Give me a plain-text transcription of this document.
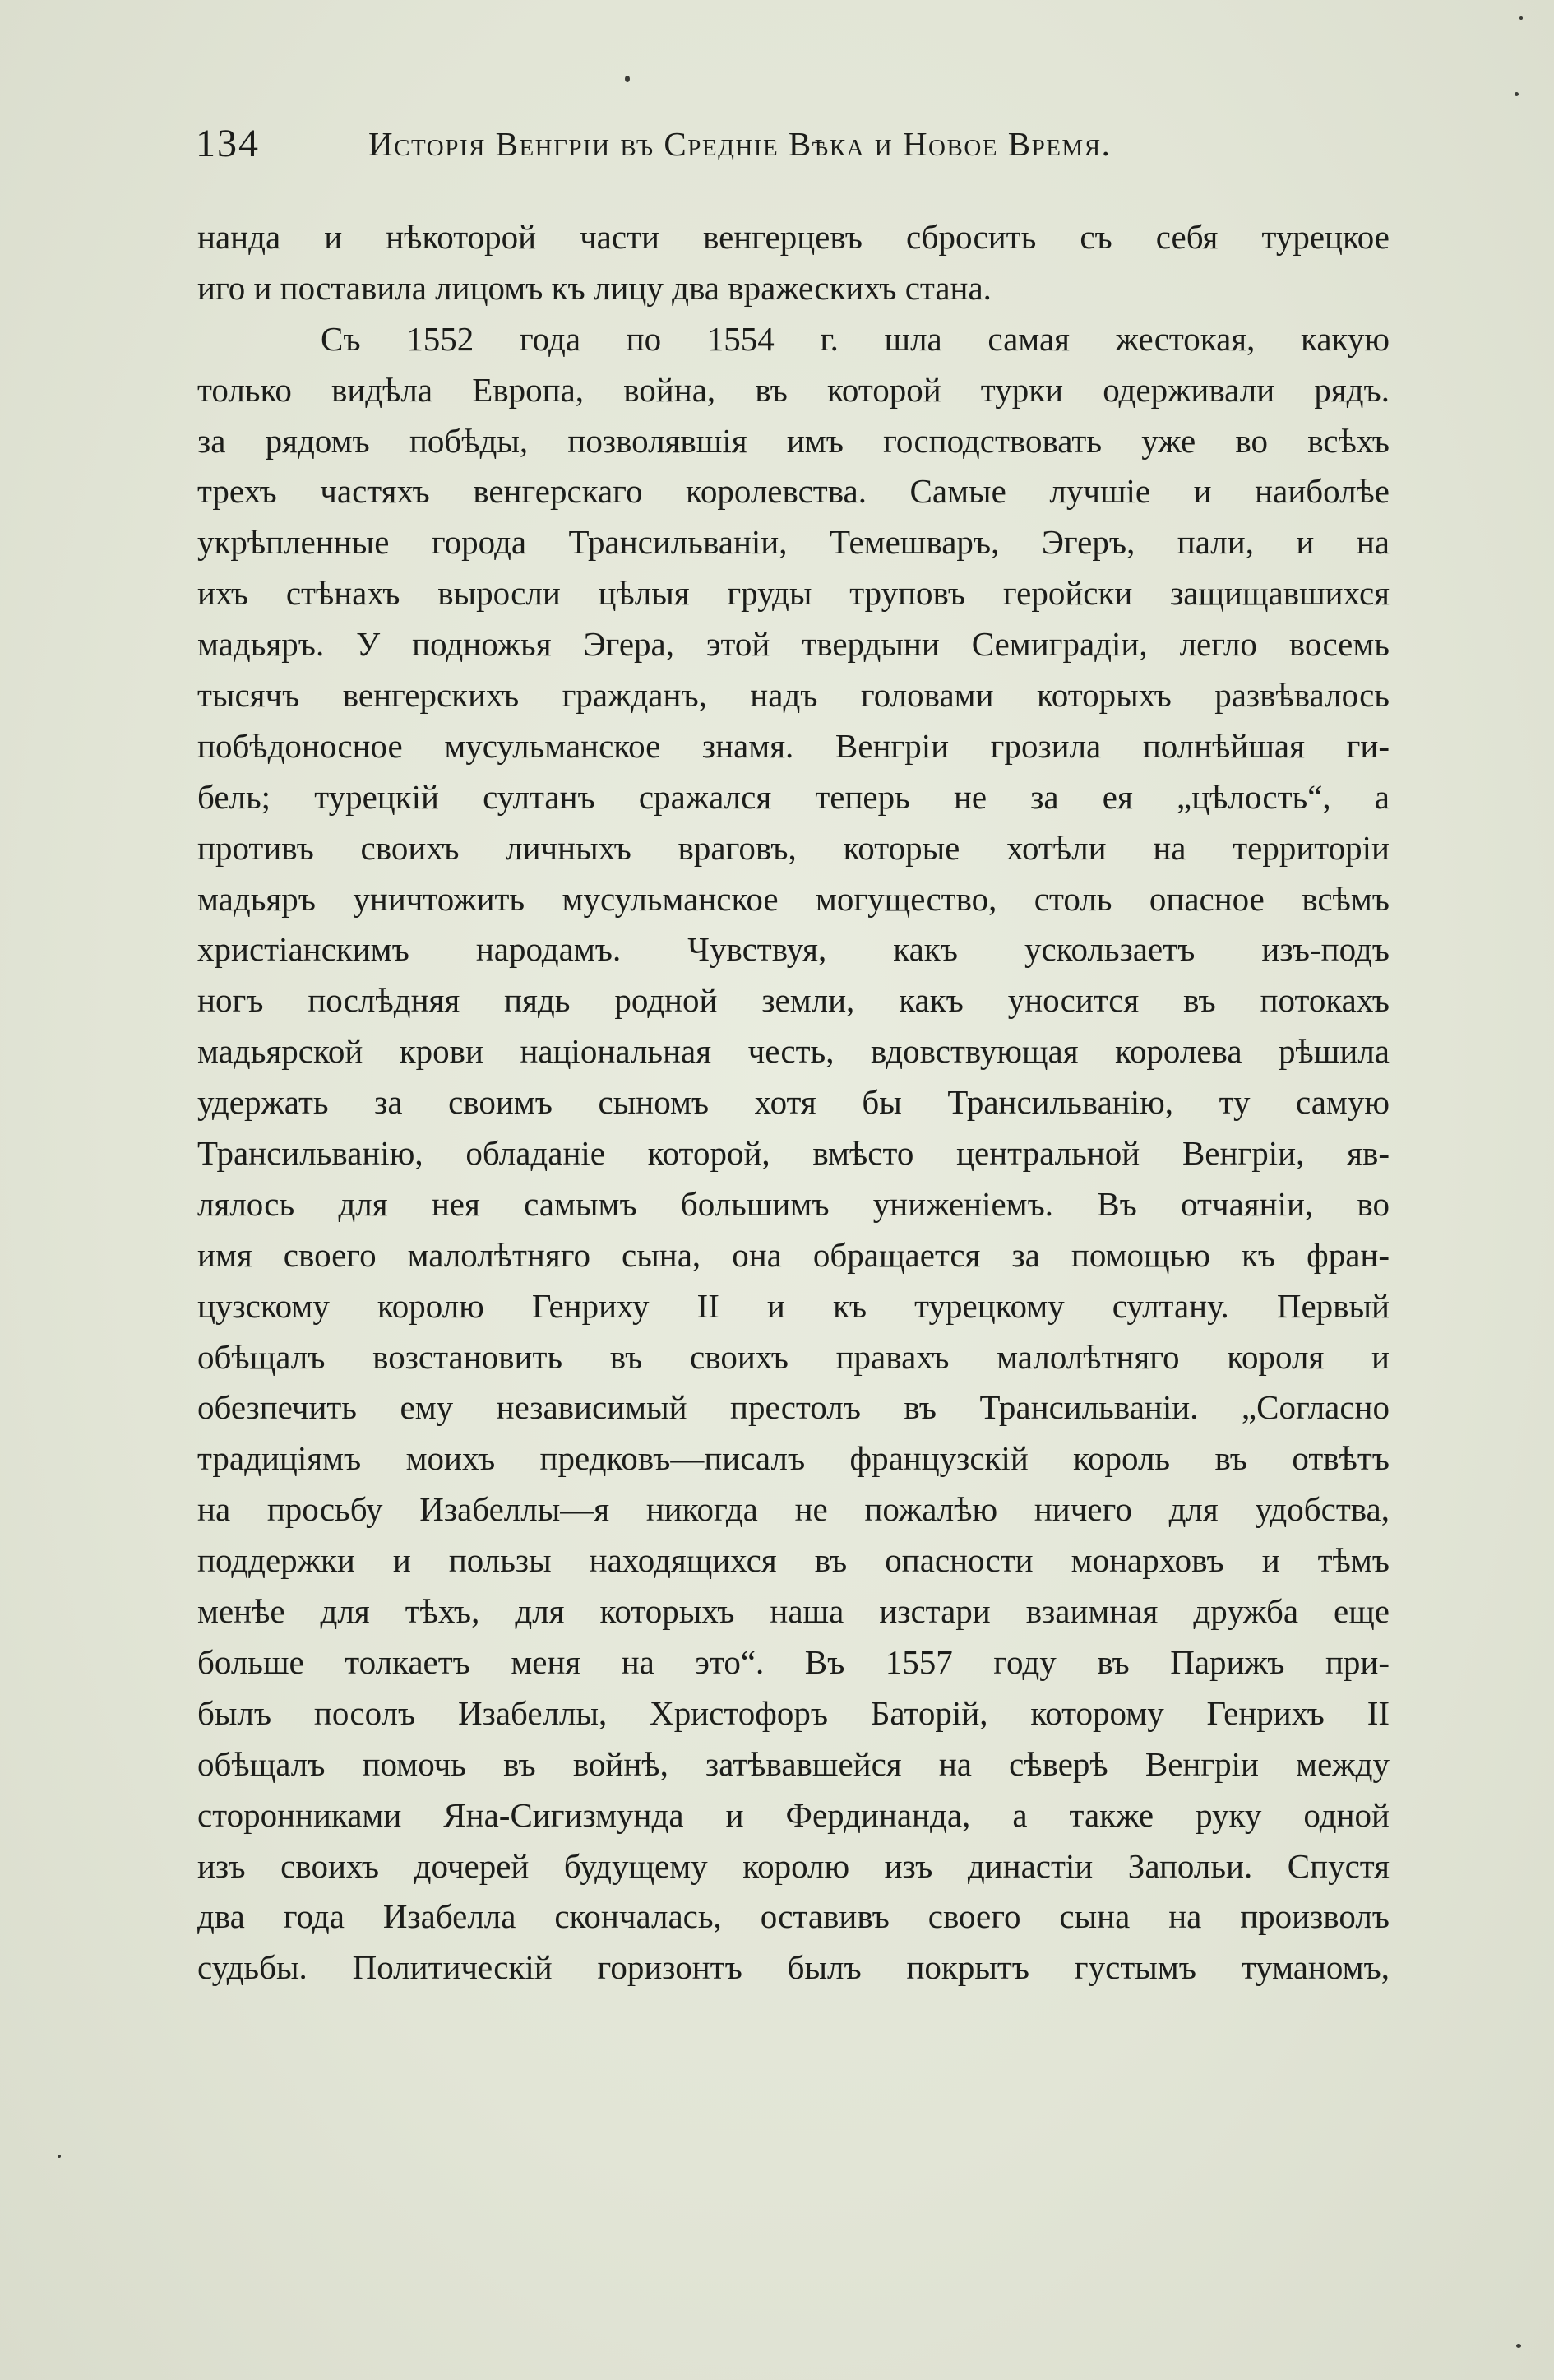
134	Исторія Венгріи въ Средніе Вѣка и Новое Время.
нанда и нѣкоторой части венгерцевъ сбросить съ себя турецкое
иго и поставила лицомъ къ лицу два вражескихъ стана.
Съ 1552 года по 1554 г. шла самая жестокая, какую
только видѣла Европа, война, въ которой турки одерживали рядъ.
за рядомъ побѣды, позволявшія имъ господствовать уже во всѣхъ
трехъ частяхъ венгерскаго королевства. Самые лучшіе и наиболѣе
укрѣпленные города Трансильваніи, Темешваръ, Эгеръ, пали, и на
ихъ стѣнахъ выросли цѣлыя груды труповъ геройски защищавшихся
мадьяръ. У подножья Эгера, этой твердыни Семиградіи, легло восемь
тысячъ венгерскихъ гражданъ, надъ головами которыхъ развѣвалось
побѣдоносное мусульманское знамя. Венгріи грозила полнѣйшая ги-
бель; турецкій султанъ сражался теперь не за ея „цѣлость“, а
противъ своихъ личныхъ враговъ, которые хотѣли на территоріи
мадьяръ уничтожить мусульманское могущество, столь опасное всѣмъ
христіанскимъ народамъ. Чувствуя, какъ ускользаетъ изъ-подъ
ногъ послѣдняя пядь родной земли, какъ уносится въ потокахъ
мадьярской крови національная честь, вдовствующая королева рѣшила
удержать за своимъ сыномъ хотя бы Трансильванію, ту самую
Трансильванію, обладаніе которой, вмѣсто центральной Венгріи, яв-
лялось для нея самымъ большимъ униженіемъ. Въ отчаяніи, во
имя своего малолѣтняго сына, она обращается за помощью къ фран-
цузскому королю Генриху II и къ турецкому султану. Первый
обѣщалъ возстановить въ своихъ правахъ малолѣтняго короля и
обезпечить ему независимый престолъ въ Трансильваніи. „Согласно
традиціямъ моихъ предковъ—писалъ французскій король въ отвѣтъ
на просьбу Изабеллы—я никогда не пожалѣю ничего для удобства,
поддержки и пользы находящихся въ опасности монарховъ и тѣмъ
менѣе для тѣхъ, для которыхъ наша изстари взаимная дружба еще
больше толкаетъ меня на это“. Въ 1557 году въ Парижъ при-
былъ посолъ Изабеллы, Христофоръ Баторій, которому Генрихъ II
обѣщалъ помочь въ войнѣ, затѣвавшейся на сѣверѣ Венгріи между
сторонниками Яна-Сигизмунда и Фердинанда, а также руку одной
изъ своихъ дочерей будущему королю изъ династіи Запольи. Спустя
два года Изабелла скончалась, оставивъ своего сына на произволъ
судьбы. Политическій горизонтъ былъ покрытъ густымъ туманомъ,
